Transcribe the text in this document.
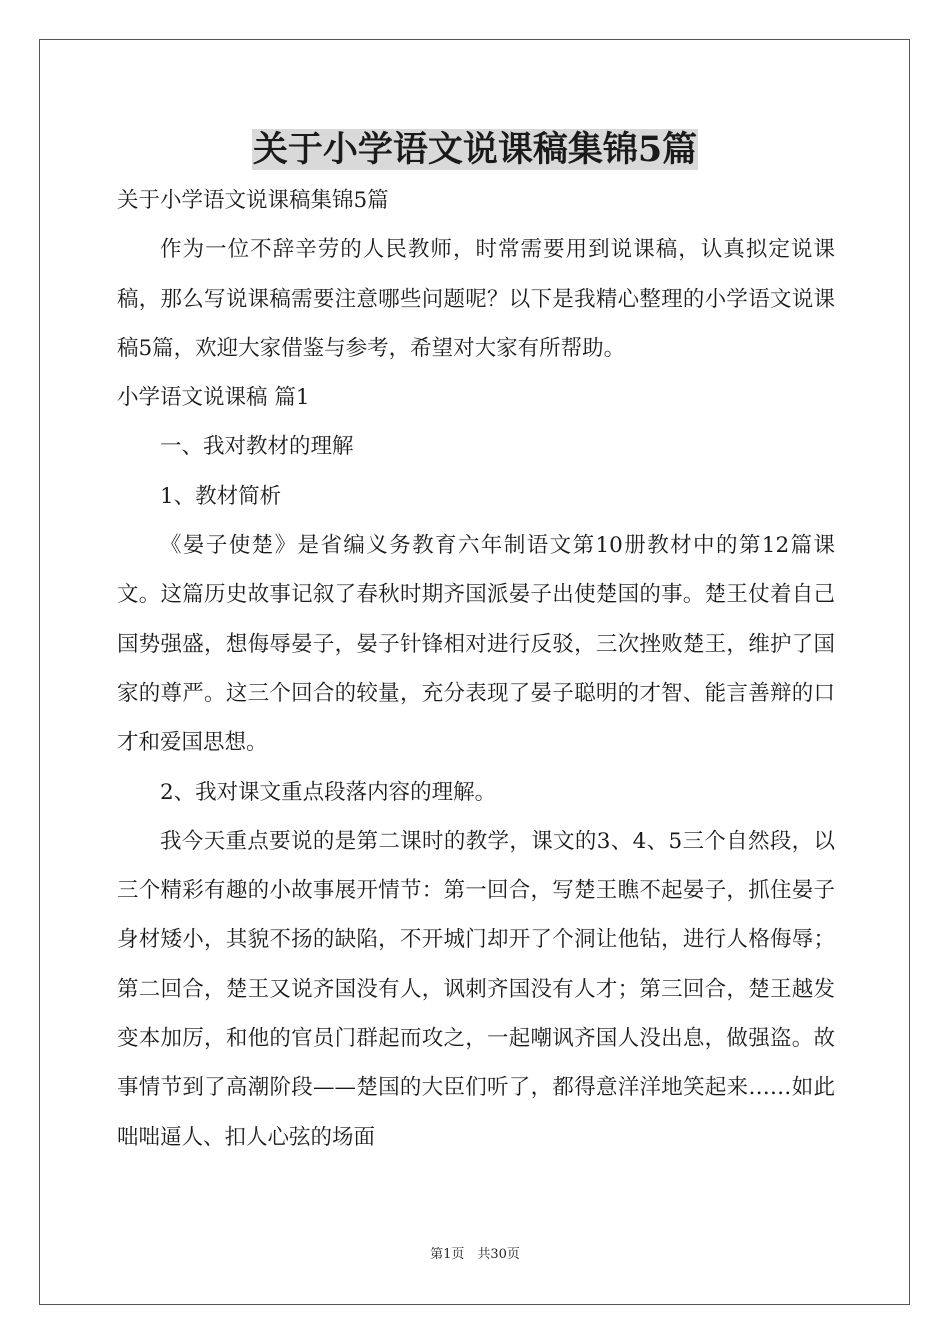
关于小学语文说课稿集锦5篇

关于小学语文说课稿集锦5篇

作为一位不辞辛劳的人民教师，时常需要用到说课稿，认真拟定说课稿，那么写说课稿需要注意哪些问题呢？以下是我精心整理的小学语文说课稿5篇，欢迎大家借鉴与参考，希望对大家有所帮助。

小学语文说课稿 篇1

一、我对教材的理解

1、教材简析

《晏子使楚》是省编义务教育六年制语文第10册教材中的第12篇课文。这篇历史故事记叙了春秋时期齐国派晏子出使楚国的事。楚王仗着自己国势强盛，想侮辱晏子，晏子针锋相对进行反驳，三次挫败楚王，维护了国家的尊严。这三个回合的较量，充分表现了晏子聪明的才智、能言善辩的口才和爱国思想。

2、我对课文重点段落内容的理解。

我今天重点要说的是第二课时的教学，课文的3、4、5三个自然段，以三个精彩有趣的小故事展开情节：第一回合，写楚王瞧不起晏子，抓住晏子身材矮小，其貌不扬的缺陷，不开城门却开了个洞让他钻，进行人格侮辱；第二回合，楚王又说齐国没有人，讽刺齐国没有人才；第三回合，楚王越发变本加厉，和他的官员门群起而攻之，一起嘲讽齐国人没出息，做强盗。故事情节到了高潮阶段——楚国的大臣们听了，都得意洋洋地笑起来……如此咄咄逼人、扣人心弦的场面

第1页　共30页
